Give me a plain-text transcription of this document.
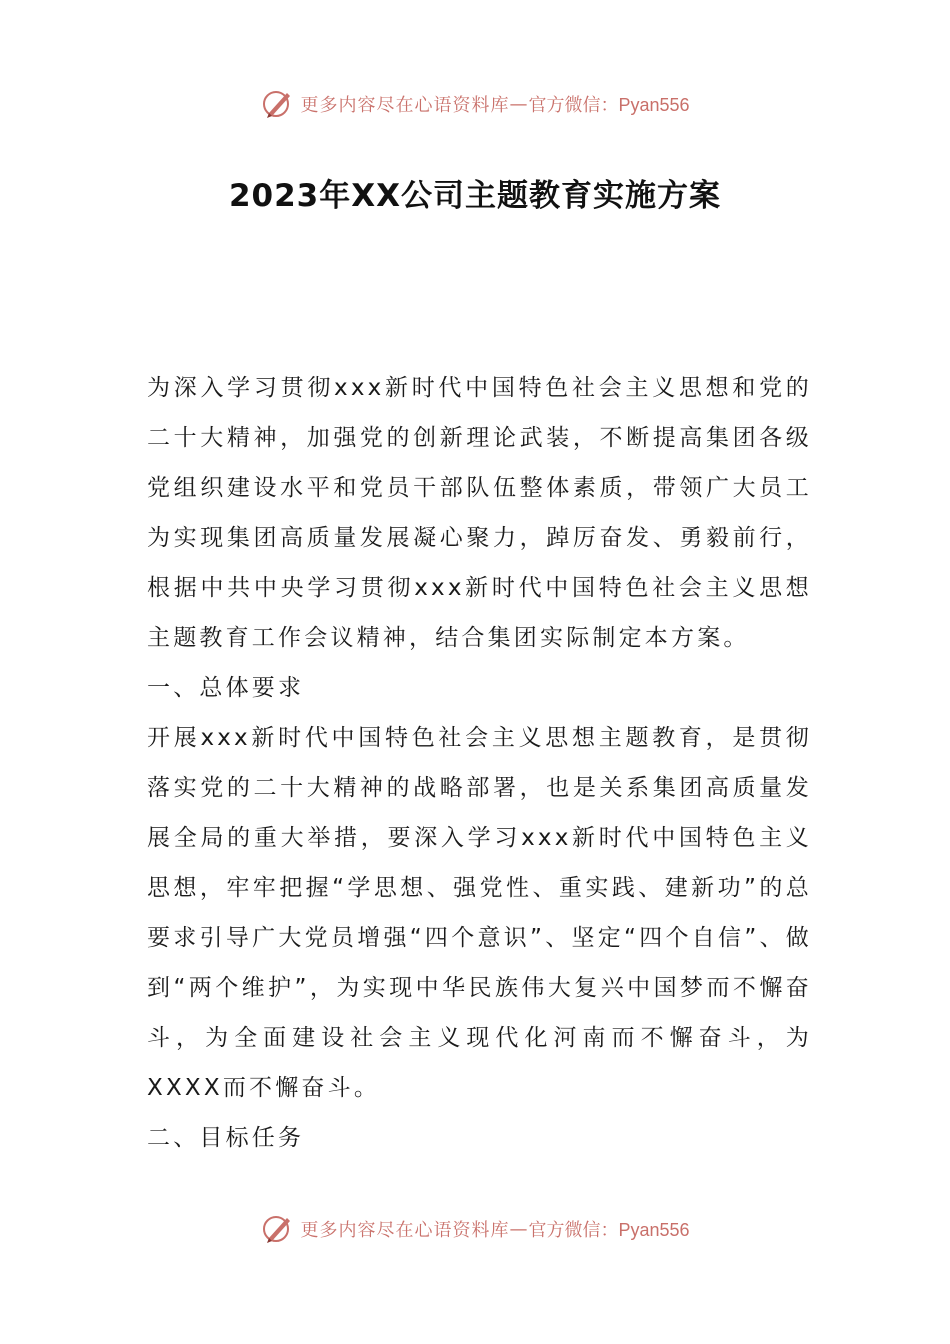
更多内容尽在心语资料库 — 官方微信：Pyan556
2023年XX公司主题教育实施方案

为深入学习贯彻xxx新时代中国特色社会主义思想和党的二十大精神，加强党的创新理论武装，不断提高集团各级党组织建设水平和党员干部队伍整体素质，带领广大员工为实现集团高质量发展凝心聚力，踔厉奋发、勇毅前行，根据中共中央学习贯彻xxx新时代中国特色社会主义思想主题教育工作会议精神，结合集团实际制定本方案。

一、总体要求

开展xxx新时代中国特色社会主义思想主题教育，是贯彻落实党的二十大精神的战略部署，也是关系集团高质量发展全局的重大举措，要深入学习xxx新时代中国特色主义思想，牢牢把握“学思想、强党性、重实践、建新功”的总要求引导广大党员增强“四个意识”、坚定“四个自信”、做到“两个维护”，为实现中华民族伟大复兴中国梦而不懈奋斗，为全面建设社会主义现代化河南而不懈奋斗，为XXXX而不懈奋斗。

二、目标任务

更多内容尽在心语资料库 — 官方微信：Pyan556
